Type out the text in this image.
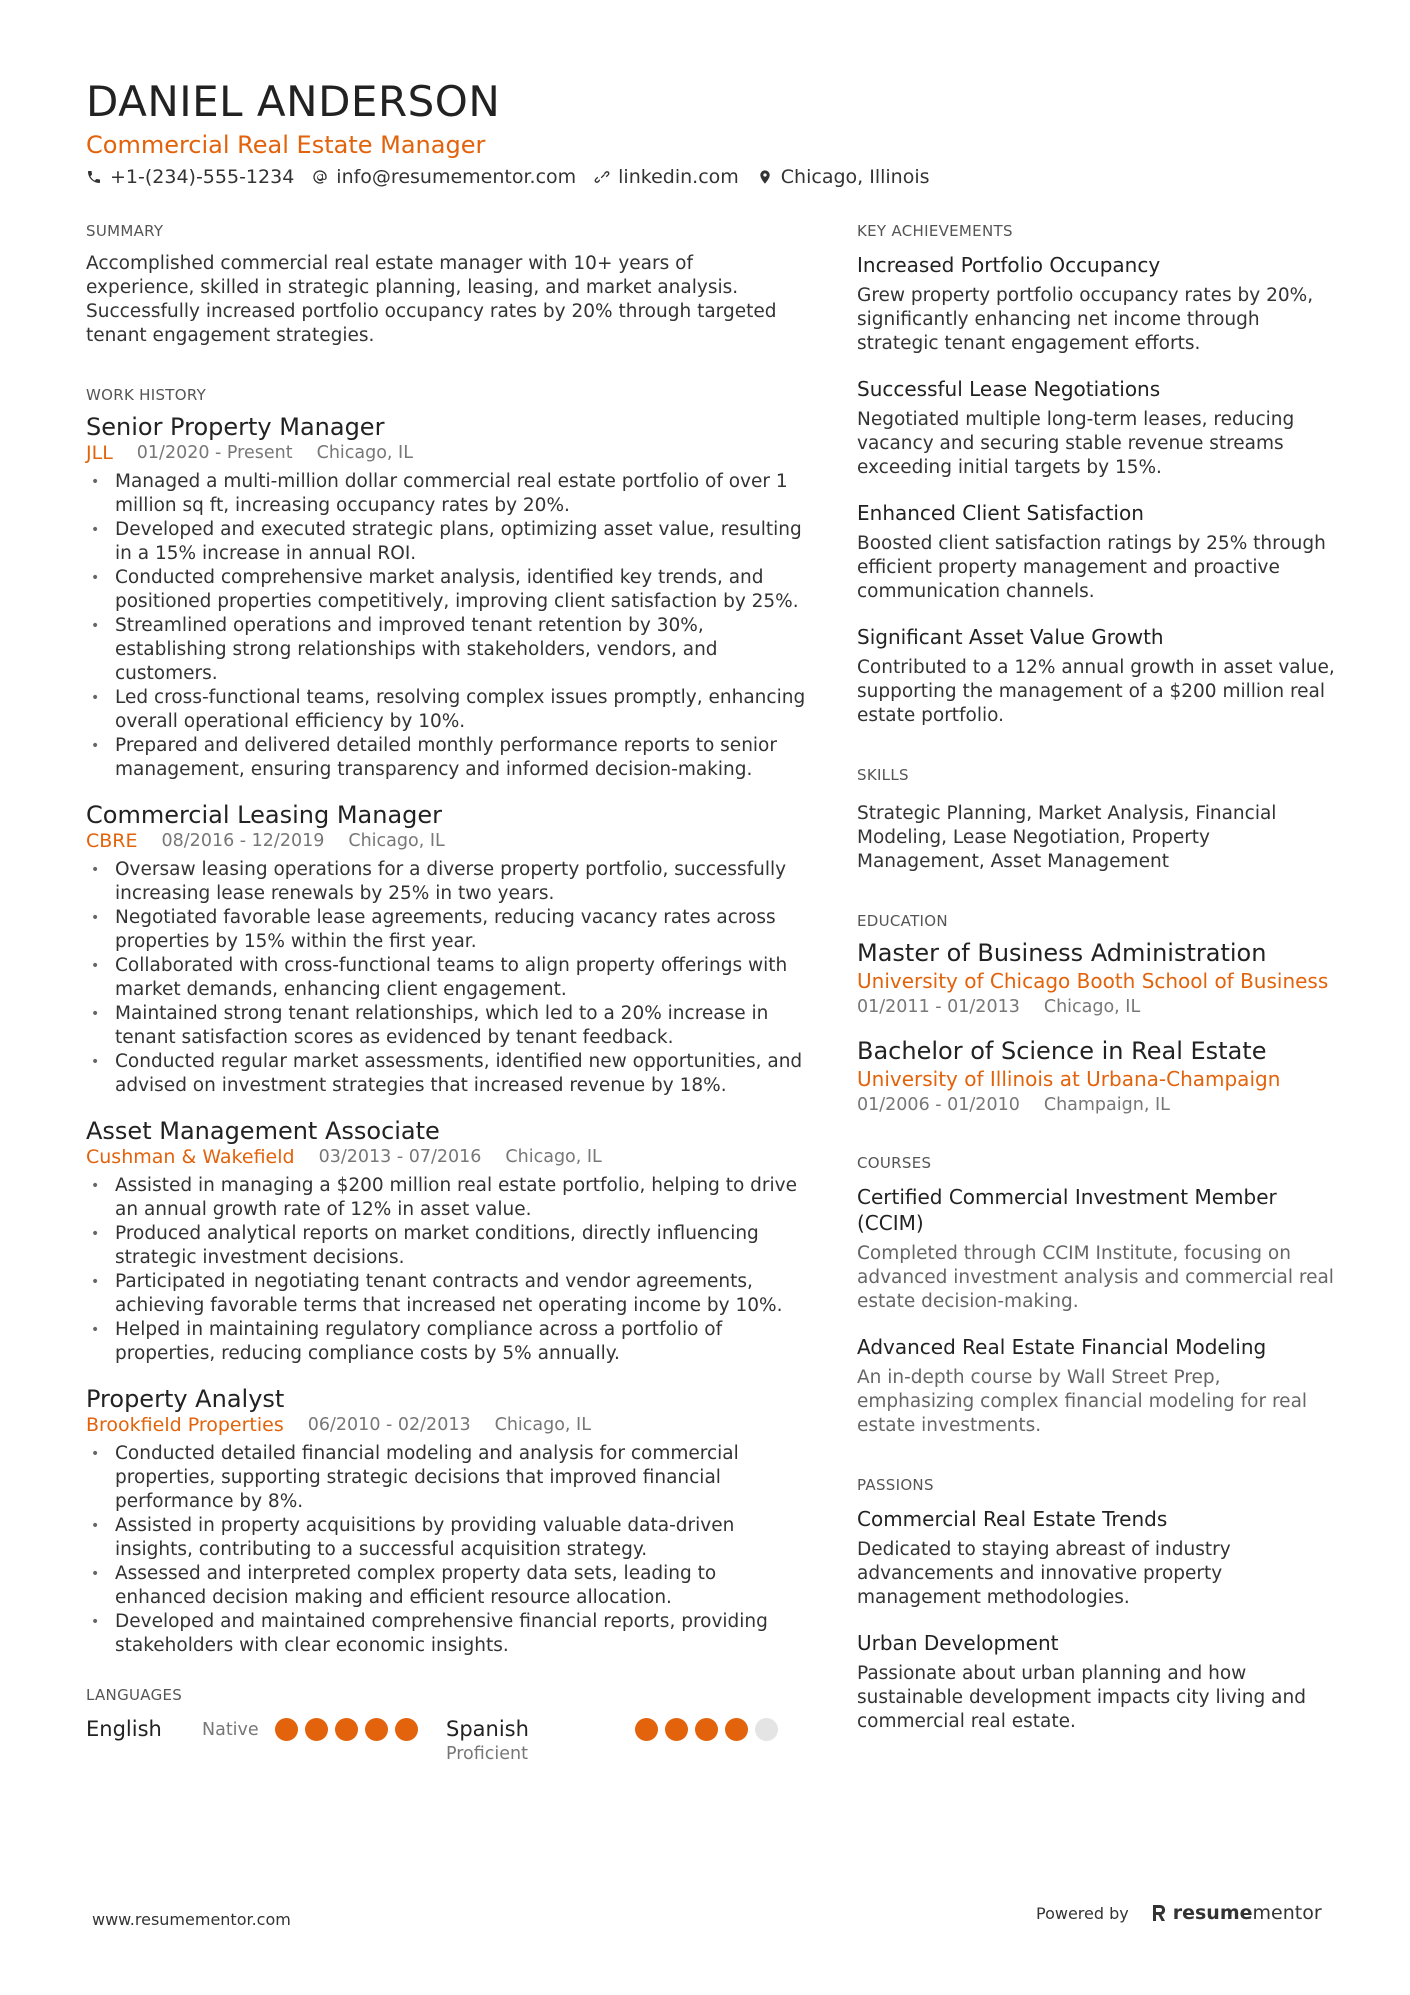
DANIEL ANDERSON
Commercial Real Estate Manager
+1-(234)-555-1234 info@resumementor.com linkedin.com Chicago, Illinois
SUMMARY
Accomplished commercial real estate manager with 10+ years of experience, skilled in strategic planning, leasing, and market analysis. Successfully increased portfolio occupancy rates by 20% through targeted tenant engagement strategies.
WORK HISTORY
Senior Property Manager
JLL 01/2020 - Present Chicago, IL
• Managed a multi-million dollar commercial real estate portfolio of over 1 million sq ft, increasing occupancy rates by 20%.
• Developed and executed strategic plans, optimizing asset value, resulting in a 15% increase in annual ROI.
• Conducted comprehensive market analysis, identified key trends, and positioned properties competitively, improving client satisfaction by 25%.
• Streamlined operations and improved tenant retention by 30%, establishing strong relationships with stakeholders, vendors, and customers.
• Led cross-functional teams, resolving complex issues promptly, enhancing overall operational efficiency by 10%.
• Prepared and delivered detailed monthly performance reports to senior management, ensuring transparency and informed decision-making.
Commercial Leasing Manager
CBRE 08/2016 - 12/2019 Chicago, IL
• Oversaw leasing operations for a diverse property portfolio, successfully increasing lease renewals by 25% in two years.
• Negotiated favorable lease agreements, reducing vacancy rates across properties by 15% within the first year.
• Collaborated with cross-functional teams to align property offerings with market demands, enhancing client engagement.
• Maintained strong tenant relationships, which led to a 20% increase in tenant satisfaction scores as evidenced by tenant feedback.
• Conducted regular market assessments, identified new opportunities, and advised on investment strategies that increased revenue by 18%.
Asset Management Associate
Cushman & Wakefield 03/2013 - 07/2016 Chicago, IL
• Assisted in managing a $200 million real estate portfolio, helping to drive an annual growth rate of 12% in asset value.
• Produced analytical reports on market conditions, directly influencing strategic investment decisions.
• Participated in negotiating tenant contracts and vendor agreements, achieving favorable terms that increased net operating income by 10%.
• Helped in maintaining regulatory compliance across a portfolio of properties, reducing compliance costs by 5% annually.
Property Analyst
Brookfield Properties 06/2010 - 02/2013 Chicago, IL
• Conducted detailed financial modeling and analysis for commercial properties, supporting strategic decisions that improved financial performance by 8%.
• Assisted in property acquisitions by providing valuable data-driven insights, contributing to a successful acquisition strategy.
• Assessed and interpreted complex property data sets, leading to enhanced decision making and efficient resource allocation.
• Developed and maintained comprehensive financial reports, providing stakeholders with clear economic insights.
LANGUAGES
English	Native	Spanish
Proficient
KEY ACHIEVEMENTS
Increased Portfolio Occupancy
Grew property portfolio occupancy rates by 20%, significantly enhancing net income through strategic tenant engagement efforts.
Successful Lease Negotiations
Negotiated multiple long-term leases, reducing vacancy and securing stable revenue streams exceeding initial targets by 15%.
Enhanced Client Satisfaction
Boosted client satisfaction ratings by 25% through efficient property management and proactive communication channels.
Significant Asset Value Growth
Contributed to a 12% annual growth in asset value, supporting the management of a $200 million real estate portfolio.
SKILLS
Strategic Planning, Market Analysis, Financial Modeling, Lease Negotiation, Property Management, Asset Management
EDUCATION
Master of Business Administration
University of Chicago Booth School of Business
01/2011 - 01/2013 Chicago, IL
Bachelor of Science in Real Estate
University of Illinois at Urbana-Champaign
01/2006 - 01/2010 Champaign, IL
COURSES
Certified Commercial Investment Member (CCIM)
Completed through CCIM Institute, focusing on advanced investment analysis and commercial real estate decision-making.
Advanced Real Estate Financial Modeling
An in-depth course by Wall Street Prep, emphasizing complex financial modeling for real estate investments.
PASSIONS
Commercial Real Estate Trends
Dedicated to staying abreast of industry advancements and innovative property management methodologies.
Urban Development
Passionate about urban planning and how sustainable development impacts city living and commercial real estate.
www.resumementor.com	Powered by resumementor
